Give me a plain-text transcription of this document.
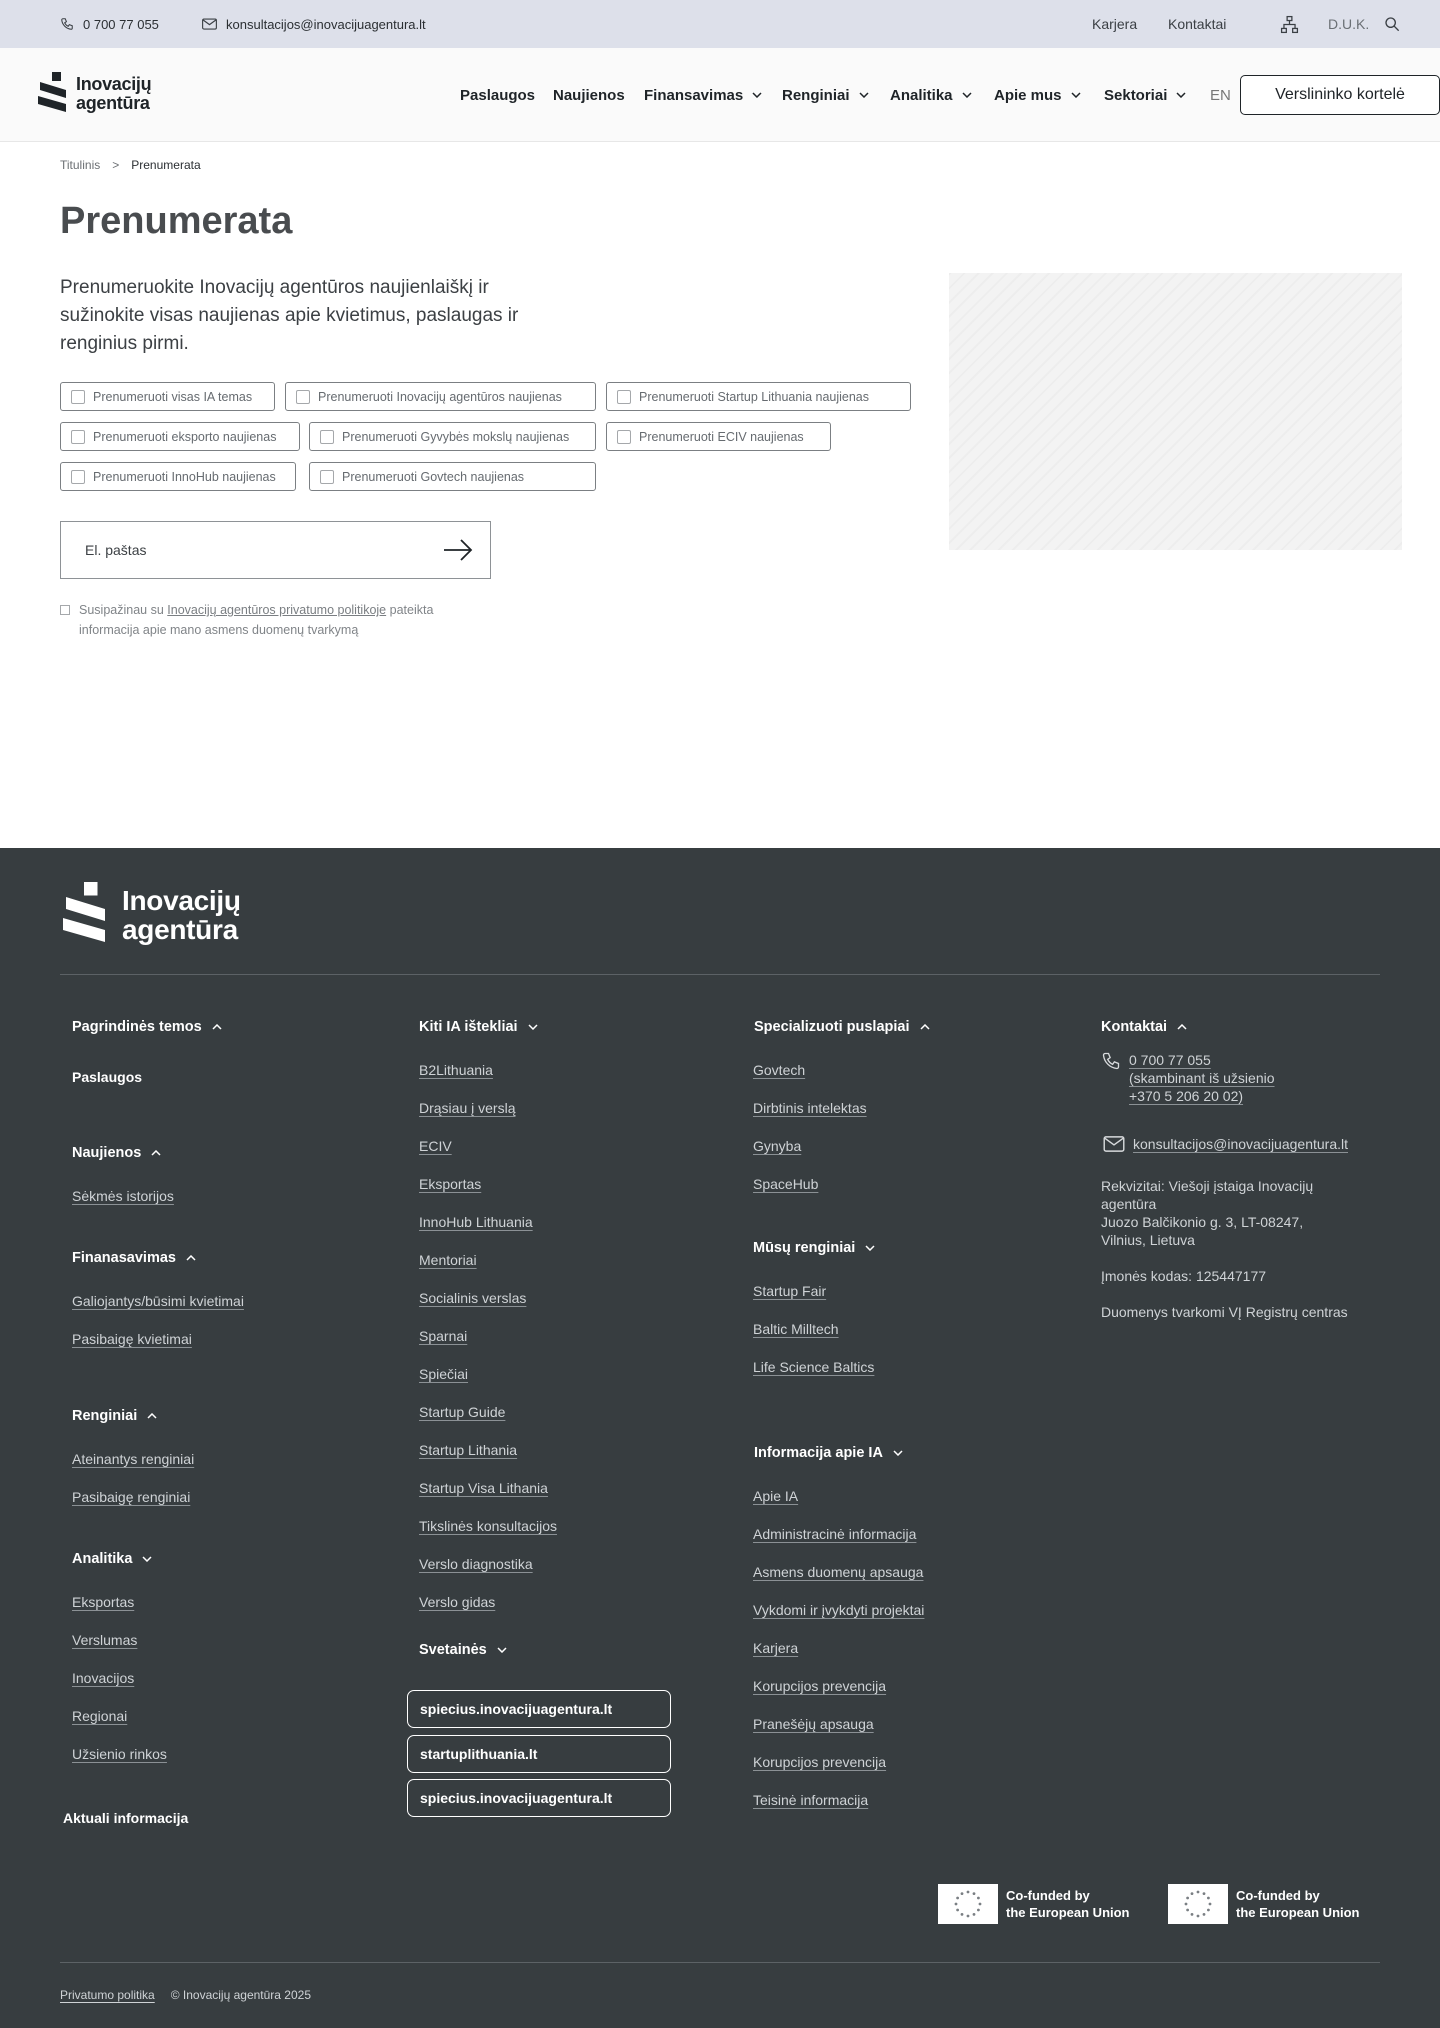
0 700 77 055	konsultacijos@inovacijuagentura.lt	Karjera Kontaktai	D.U.K.
Inovacijų
agentūra	Paslaugos Naujienos Finansavimas	Renginiai	Analitika	Apie mus	Sektoriai	EN	Verslininko kortelė
Titulinis > Prenumerata
Prenumerata

Prenumeruokite Inovacijų agentūros naujienlaiškį ir sužinokite visas naujienas apie kvietimus, paslaugas ir renginius pirmi.

Prenumeruoti visas IA temas	Prenumeruoti Inovacijų agentūros naujienas	Prenumeruoti Startup Lithuania naujienas
Prenumeruoti eksporto naujienas	Prenumeruoti Gyvybės mokslų naujienas	Prenumeruoti ECIV naujienas
Prenumeruoti InnoHub naujienas	Prenumeruoti Govtech naujienas
El. paštas
Susipažinau su Inovacijų agentūros privatumo politikoje pateikta informacija apie mano asmens duomenų tvarkymą
Inovacijų
agentūra
Pagrindinės temos
Paslaugos
Naujienos
Sėkmės istorijos
Finanasavimas
Galiojantys/būsimi kvietimai
Pasibaigę kvietimai
Renginiai
Ateinantys renginiai
Pasibaigę renginiai
Analitika
Eksportas
Verslumas
Inovacijos
Regionai
Užsienio rinkos
Aktuali informacija
Kiti IA ištekliai
B2Lithuania
Drąsiau į verslą
ECIV
Eksportas
InnoHub Lithuania
Mentoriai
Socialinis verslas
Sparnai
Spiečiai
Startup Guide
Startup Lithania
Startup Visa Lithania
Tikslinės konsultacijos
Verslo diagnostika
Verslo gidas
Svetainės
spiecius.inovacijuagentura.lt
startuplithuania.lt
spiecius.inovacijuagentura.lt
Specializuoti puslapiai
Govtech
Dirbtinis intelektas
Gynyba
SpaceHub
Mūsų renginiai
Startup Fair
Baltic Milltech
Life Science Baltics
Informacija apie IA
Apie IA
Administracinė informacija
Asmens duomenų apsauga
Vykdomi ir įvykdyti projektai
Karjera
Korupcijos prevencija
Pranešėjų apsauga
Korupcijos prevencija
Teisinė informacija
Kontaktai
0 700 77 055
(skambinant iš užsienio
+370 5 206 20 02)
konsultacijos@inovacijuagentura.lt
Rekvizitai: Viešoji įstaiga Inovacijų agentūra
Juozo Balčikonio g. 3, LT-08247, Vilnius, Lietuva
Įmonės kodas: 125447177
Duomenys tvarkomi VĮ Registrų centras
Co-funded by
the European Union
Co-funded by
the European Union
Privatumo politika © Inovacijų agentūra 2025
